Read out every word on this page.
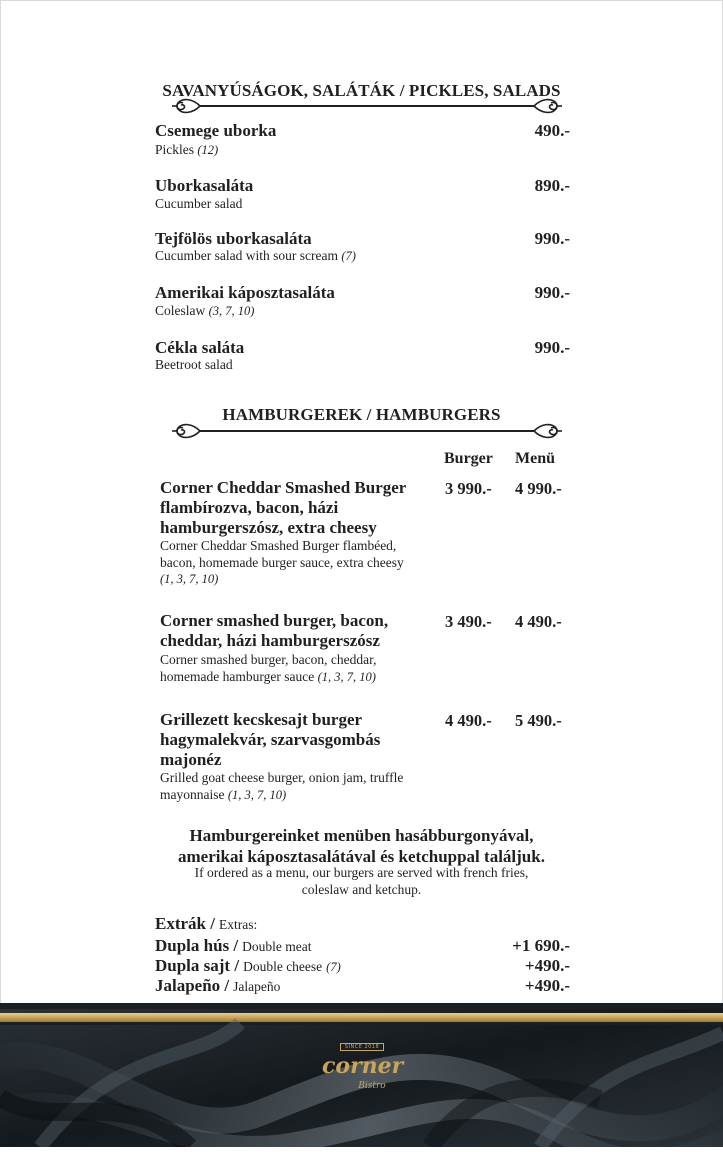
SAVANYÚSÁGOK, SALÁTÁK / PICKLES, SALADS
Csemege uborka	490.-
Pickles (12)
Uborkasaláta	890.-
Cucumber salad
Tejfölös uborkasaláta	990.-
Cucumber salad with sour scream (7)
Amerikai káposztasaláta	990.-
Coleslaw (3, 7, 10)
Cékla saláta	990.-
Beetroot salad
HAMBURGEREK / HAMBURGERS
Burger Menü
Corner Cheddar Smashed Burger
flambírozva, bacon, házi
hamburgerszósz, extra cheesy
Corner Cheddar Smashed Burger flambéed,
bacon, homemade burger sauce, extra cheesy
(1, 3, 7, 10)
3 990.- 4 990.-
Corner smashed burger, bacon,
cheddar, házi hamburgerszósz
Corner smashed burger, bacon, cheddar,
homemade hamburger sauce (1, 3, 7, 10)
3 490.- 4 490.-
Grillezett kecskesajt burger
hagymalekvár, szarvasgombás
majonéz
Grilled goat cheese burger, onion jam, truffle
mayonnaise (1, 3, 7, 10)
4 490.- 5 490.-
Hamburgereinket menüben hasábburgonyával,
amerikai káposztasalátával és ketchuppal találjuk.
If ordered as a menu, our burgers are served with french fries,
coleslaw and ketchup.
Extrák / Extras:
Dupla hús / Double meat	+1 690.-
Dupla sajt / Double cheese (7)	+490.-
Jalapeño / Jalapeño	+490.-
SINCE 2018
corner
Bistro
